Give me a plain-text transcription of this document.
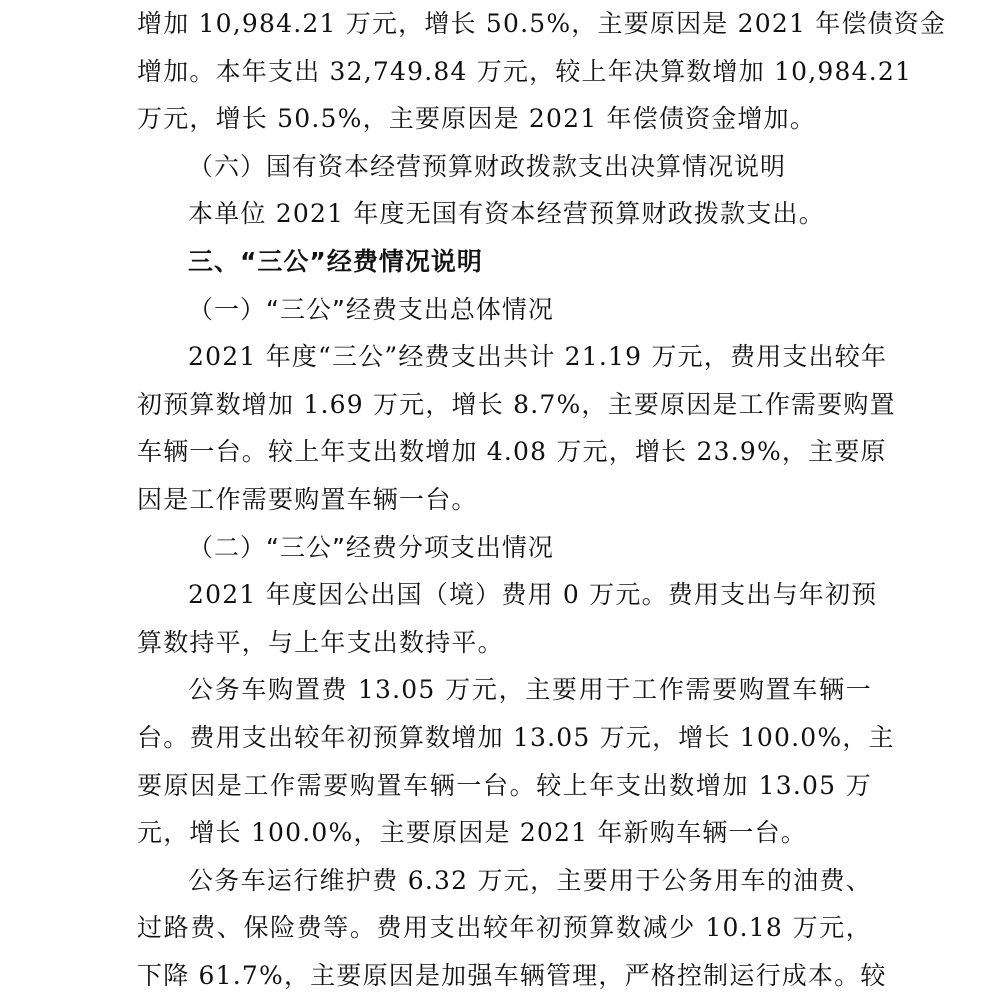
增加 10,984.21 万元，增长 50.5%，主要原因是 2021 年偿债资金
增加。本年支出 32,749.84 万元，较上年决算数增加 10,984.21
万元，增长 50.5%，主要原因是 2021 年偿债资金增加。
（六）国有资本经营预算财政拨款支出决算情况说明
本单位 2021 年度无国有资本经营预算财政拨款支出。
三、“三公”经费情况说明
（一）“三公”经费支出总体情况
2021 年度“三公”经费支出共计 21.19 万元，费用支出较年
初预算数增加 1.69 万元，增长 8.7%，主要原因是工作需要购置
车辆一台。较上年支出数增加 4.08 万元，增长 23.9%，主要原
因是工作需要购置车辆一台。
（二）“三公”经费分项支出情况
2021 年度因公出国（境）费用 0 万元。费用支出与年初预
算数持平，与上年支出数持平。
公务车购置费 13.05 万元，主要用于工作需要购置车辆一
台。费用支出较年初预算数增加 13.05 万元，增长 100.0%，主
要原因是工作需要购置车辆一台。较上年支出数增加 13.05 万
元，增长 100.0%，主要原因是 2021 年新购车辆一台。
公务车运行维护费 6.32 万元，主要用于公务用车的油费、
过路费、保险费等。费用支出较年初预算数减少 10.18 万元，
下降 61.7%，主要原因是加强车辆管理，严格控制运行成本。较
